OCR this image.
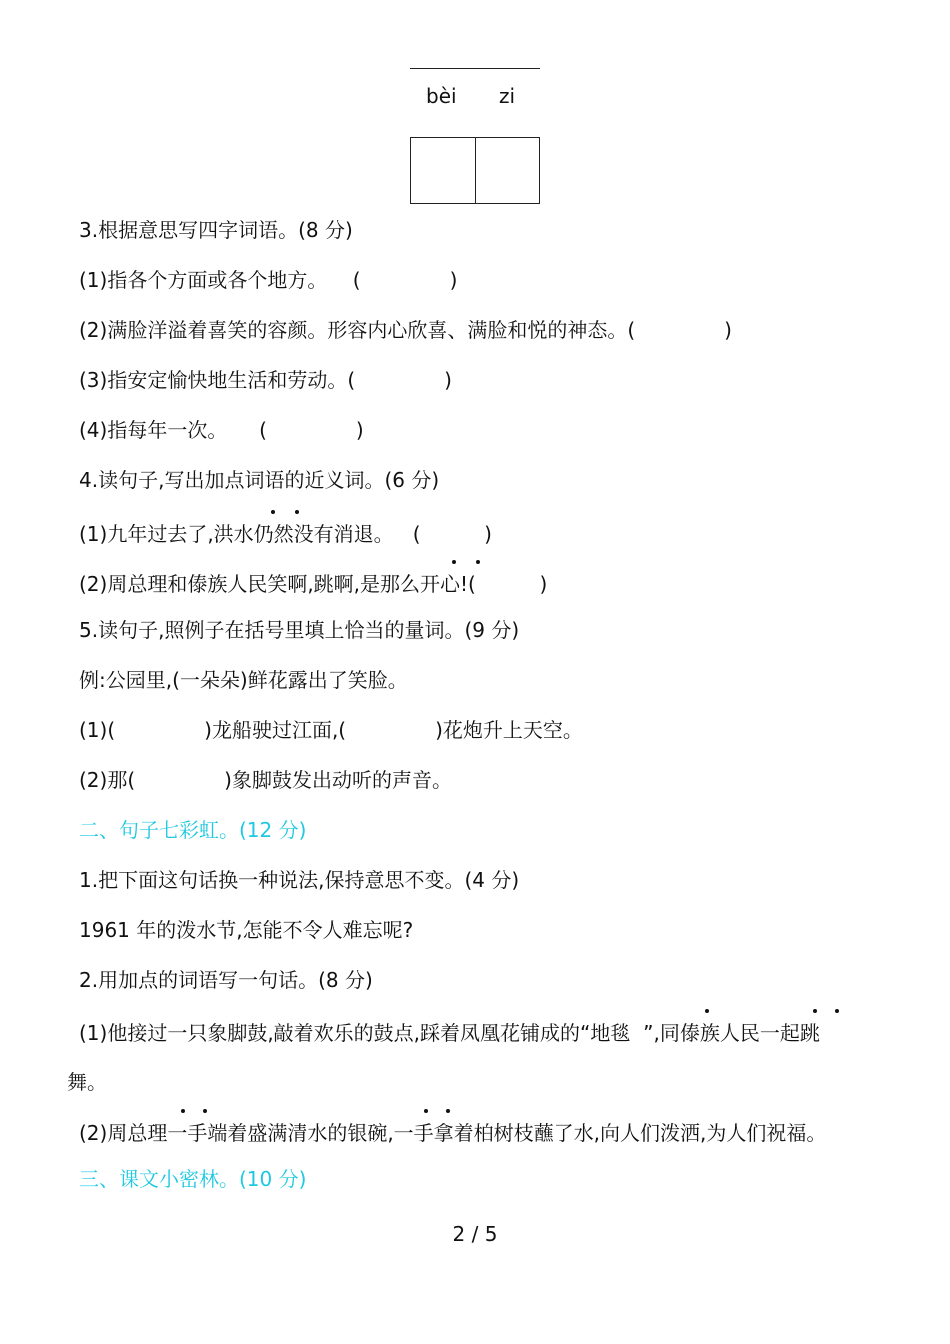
bèi zi
3.根据意思写四字词语。(8 分)
(1)指各个方面或各个地方。    (              )
(2)满脸洋溢着喜笑的容颜。形容内心欣喜、满脸和悦的神态。(              )
(3)指安定愉快地生活和劳动。(              )
(4)指每年一次。     (              )
4.读句子,写出加点词语的近义词。(6 分)
(1)九年过去了,洪水仍然没有消退。   (          )
(2)周总理和傣族人民笑啊,跳啊,是那么开心!(          )
5.读句子,照例子在括号里填上恰当的量词。(9 分)
例:公园里,(一朵朵)鲜花露出了笑脸。
(1)(              )龙船驶过江面,(              )花炮升上天空。
(2)那(              )象脚鼓发出动听的声音。
二、句子七彩虹。(12 分)
1.把下面这句话换一种说法,保持意思不变。(4 分)
1961 年的泼水节,怎能不令人难忘呢?
2.用加点的词语写一句话。(8 分)
(1)他接过一只象脚鼓,敲着欢乐的鼓点,踩着凤凰花铺成的“地毯  ”,同傣族人民一起跳
舞。
(2)周总理一手端着盛满清水的银碗,一手拿着柏树枝蘸了水,向人们泼洒,为人们祝福。
三、课文小密林。(10 分)
2 / 5
